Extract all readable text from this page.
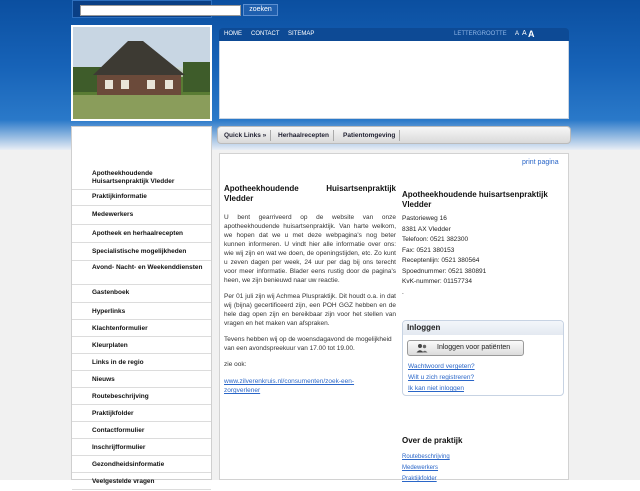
zoeken
HOME CONTACT SITEMAP	LETTERGROOTTE A A A
Quick Links »	Herhaalrecepten	Patientomgeving
Apotheekhoudende Huisartsenpraktijk Vledder
Praktijkinformatie
Medewerkers
Apotheek en herhaalrecepten
Specialistische mogelijkheden
Avond- Nacht- en Weekenddiensten
Gastenboek
Hyperlinks
Klachtenformulier
Kleurplaten
Links in de regio
Nieuws
Routebeschrijving
Praktijkfolder
Contactformulier
Inschrijfformulier
Gezondheidsinformatie
Veelgestelde vragen
print pagina
Apotheekhoudende Huisartsenpraktijk Vledder
U bent gearriveerd op de website van onze apotheekhoudende huisartsenpraktijk. Van harte welkom, we hopen dat we u met deze webpagina's nog beter kunnen informeren. U vindt hier alle informatie over ons: wie wij zijn en wat we doen, de openingstijden, etc. Zo kunt u zeven dagen per week, 24 uur per dag bij ons terecht voor meer informatie. Blader eens rustig door de pagina's heen, we zijn benieuwd naar uw reactie.
Per 01 juli zijn wij Achmea Pluspraktijk. Dit houdt o.a. in dat wij (bijna) gecertificeerd zijn, een POH GGZ hebben en de hele dag open zijn en bereikbaar zijn voor het stellen van vragen en het maken van afspraken.
Tevens hebben wij op de woensdagavond de mogelijkheid van een avondspreekuur van 17.00 tot 19.00.
zie ook:
www.zilverenkruis.nl/consumenten/zoek-een-zorgverlener
Apotheekhoudende huisartsenpraktijk Vledder
Pastorieweg 16
8381 AX Vledder
Telefoon: 0521 382300
Fax: 0521 380153
Receptenlijn: 0521 380564
Spoednummer: 0521 380891
KvK-nummer: 01157734
.
Inloggen
Inloggen voor patiënten
Wachtwoord vergeten?
Wilt u zich registreren?
Ik kan niet inloggen
Over de praktijk
Routebeschrijving
Medewerkers
Praktijkfolder
